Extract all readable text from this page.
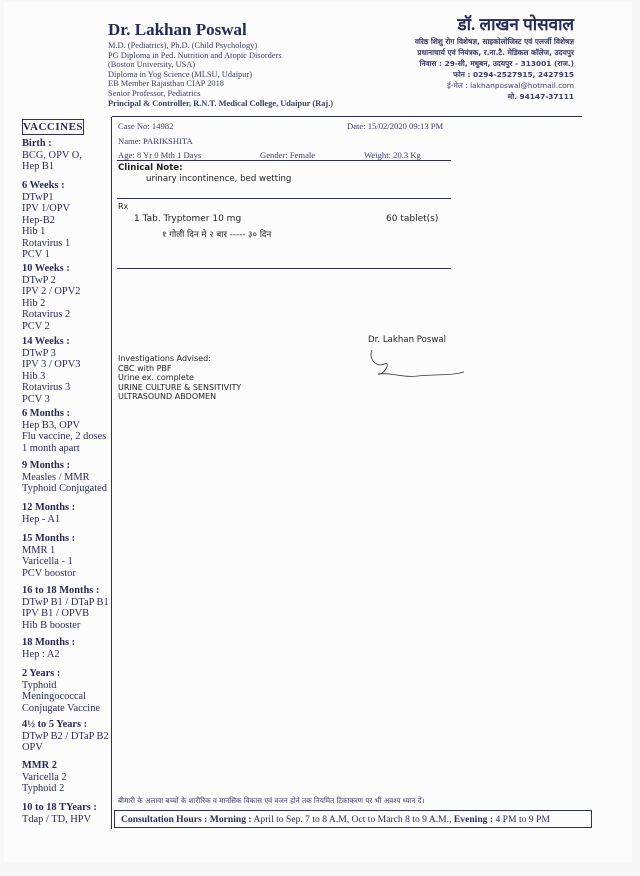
Dr. Lakhan Poswal
M.D. (Pediatrics), Ph.D. (Child Psychology)
PG Diploma in Ped. Nutrition and Atopic Disorders
(Boston University, USA)
Diploma in Yog Science (MLSU, Udaipur)
EB Member Rajasthan CIAP 2018
Senior Professor, Pediatrics
Principal & Controller, R.N.T. Medical College, Udaipur (Raj.)
डॉ. लाखन पोसवाल
वरिष्ठ शिशु रोग विशेषज्ञ, साइकोलोजिस्ट एवं एलर्जी विशेषज्ञ
प्रधानाचार्य एवं नियंत्रक, र.ना.टै. मेडिकल कॉलेज, उदयपुर
निवास : 29-सी, मधुबन, उदयपुर - 313001 (राज.)
फोन : 0294-2527915, 2427915
ई-मेल : lakhanposwal@hotmail.com
मो. 94147-37111
VACCINES
Birth :
BCG, OPV O,
Hep B1
6 Weeks :
DTwP1
IPV 1/OPV
Hep-B2
Hib 1
Rotavirus 1
PCV 1
10 Weeks :
DTwP 2
IPV 2 / OPV2
Hib 2
Rotavirus 2
PCV 2
14 Weeks :
DTwP 3
IPV 3 / OPV3
Hib 3
Rotavirus 3
PCV 3
6 Months :
Hep B3, OPV
Flu vaccine, 2 doses
1 month apart
9 Months :
Measles / MMR
Typhoid Conjugated
12 Months :
Hep - A1
15 Months :
MMR 1
Varicella - 1
PCV boostor
16 to 18 Months :
DTwP B1 / DTaP B1
IPV B1 / OPVB
Hib B booster
18 Months :
Hep : A2
2 Years :
Typhoid
Meningococcal
Conjugate Vaccine
4½ to 5 Years :
DTwP B2 / DTaP B2
OPV
MMR 2
Varicella 2
Typhoid 2
10 to 18 TYears :
Tdap / TD, HPV
Case No: 14982	Date: 15/02/2020 09:13 PM
Name: PARIKSHITA
Age: 8 Yr 0 Mth 1 Days	Gender: Female	Weight: 20.3 Kg
Clinical Note:
urinary incontinence, bed wetting
Rx
1 Tab. Tryptomer 10 mg	60 tablet(s)
१ गोली दिन मे २ बार ----- ३० दिन
Dr. Lakhan Poswal
Investigations Advised:
CBC with PBF
Urine ex. complete
URINE CULTURE & SENSITIVITY
ULTRASOUND ABDOMEN
बीमारी के अलावा बच्चों के शारीरिक व मानसिक विकास एवं वजन होने तक नियमित टिकाकरण पर भी अवश्य ध्यान दें।
Consultation Hours : Morning : April to Sep. 7 to 8 A.M, Oct to March 8 to 9 A.M., Evening : 4 PM to 9 PM
